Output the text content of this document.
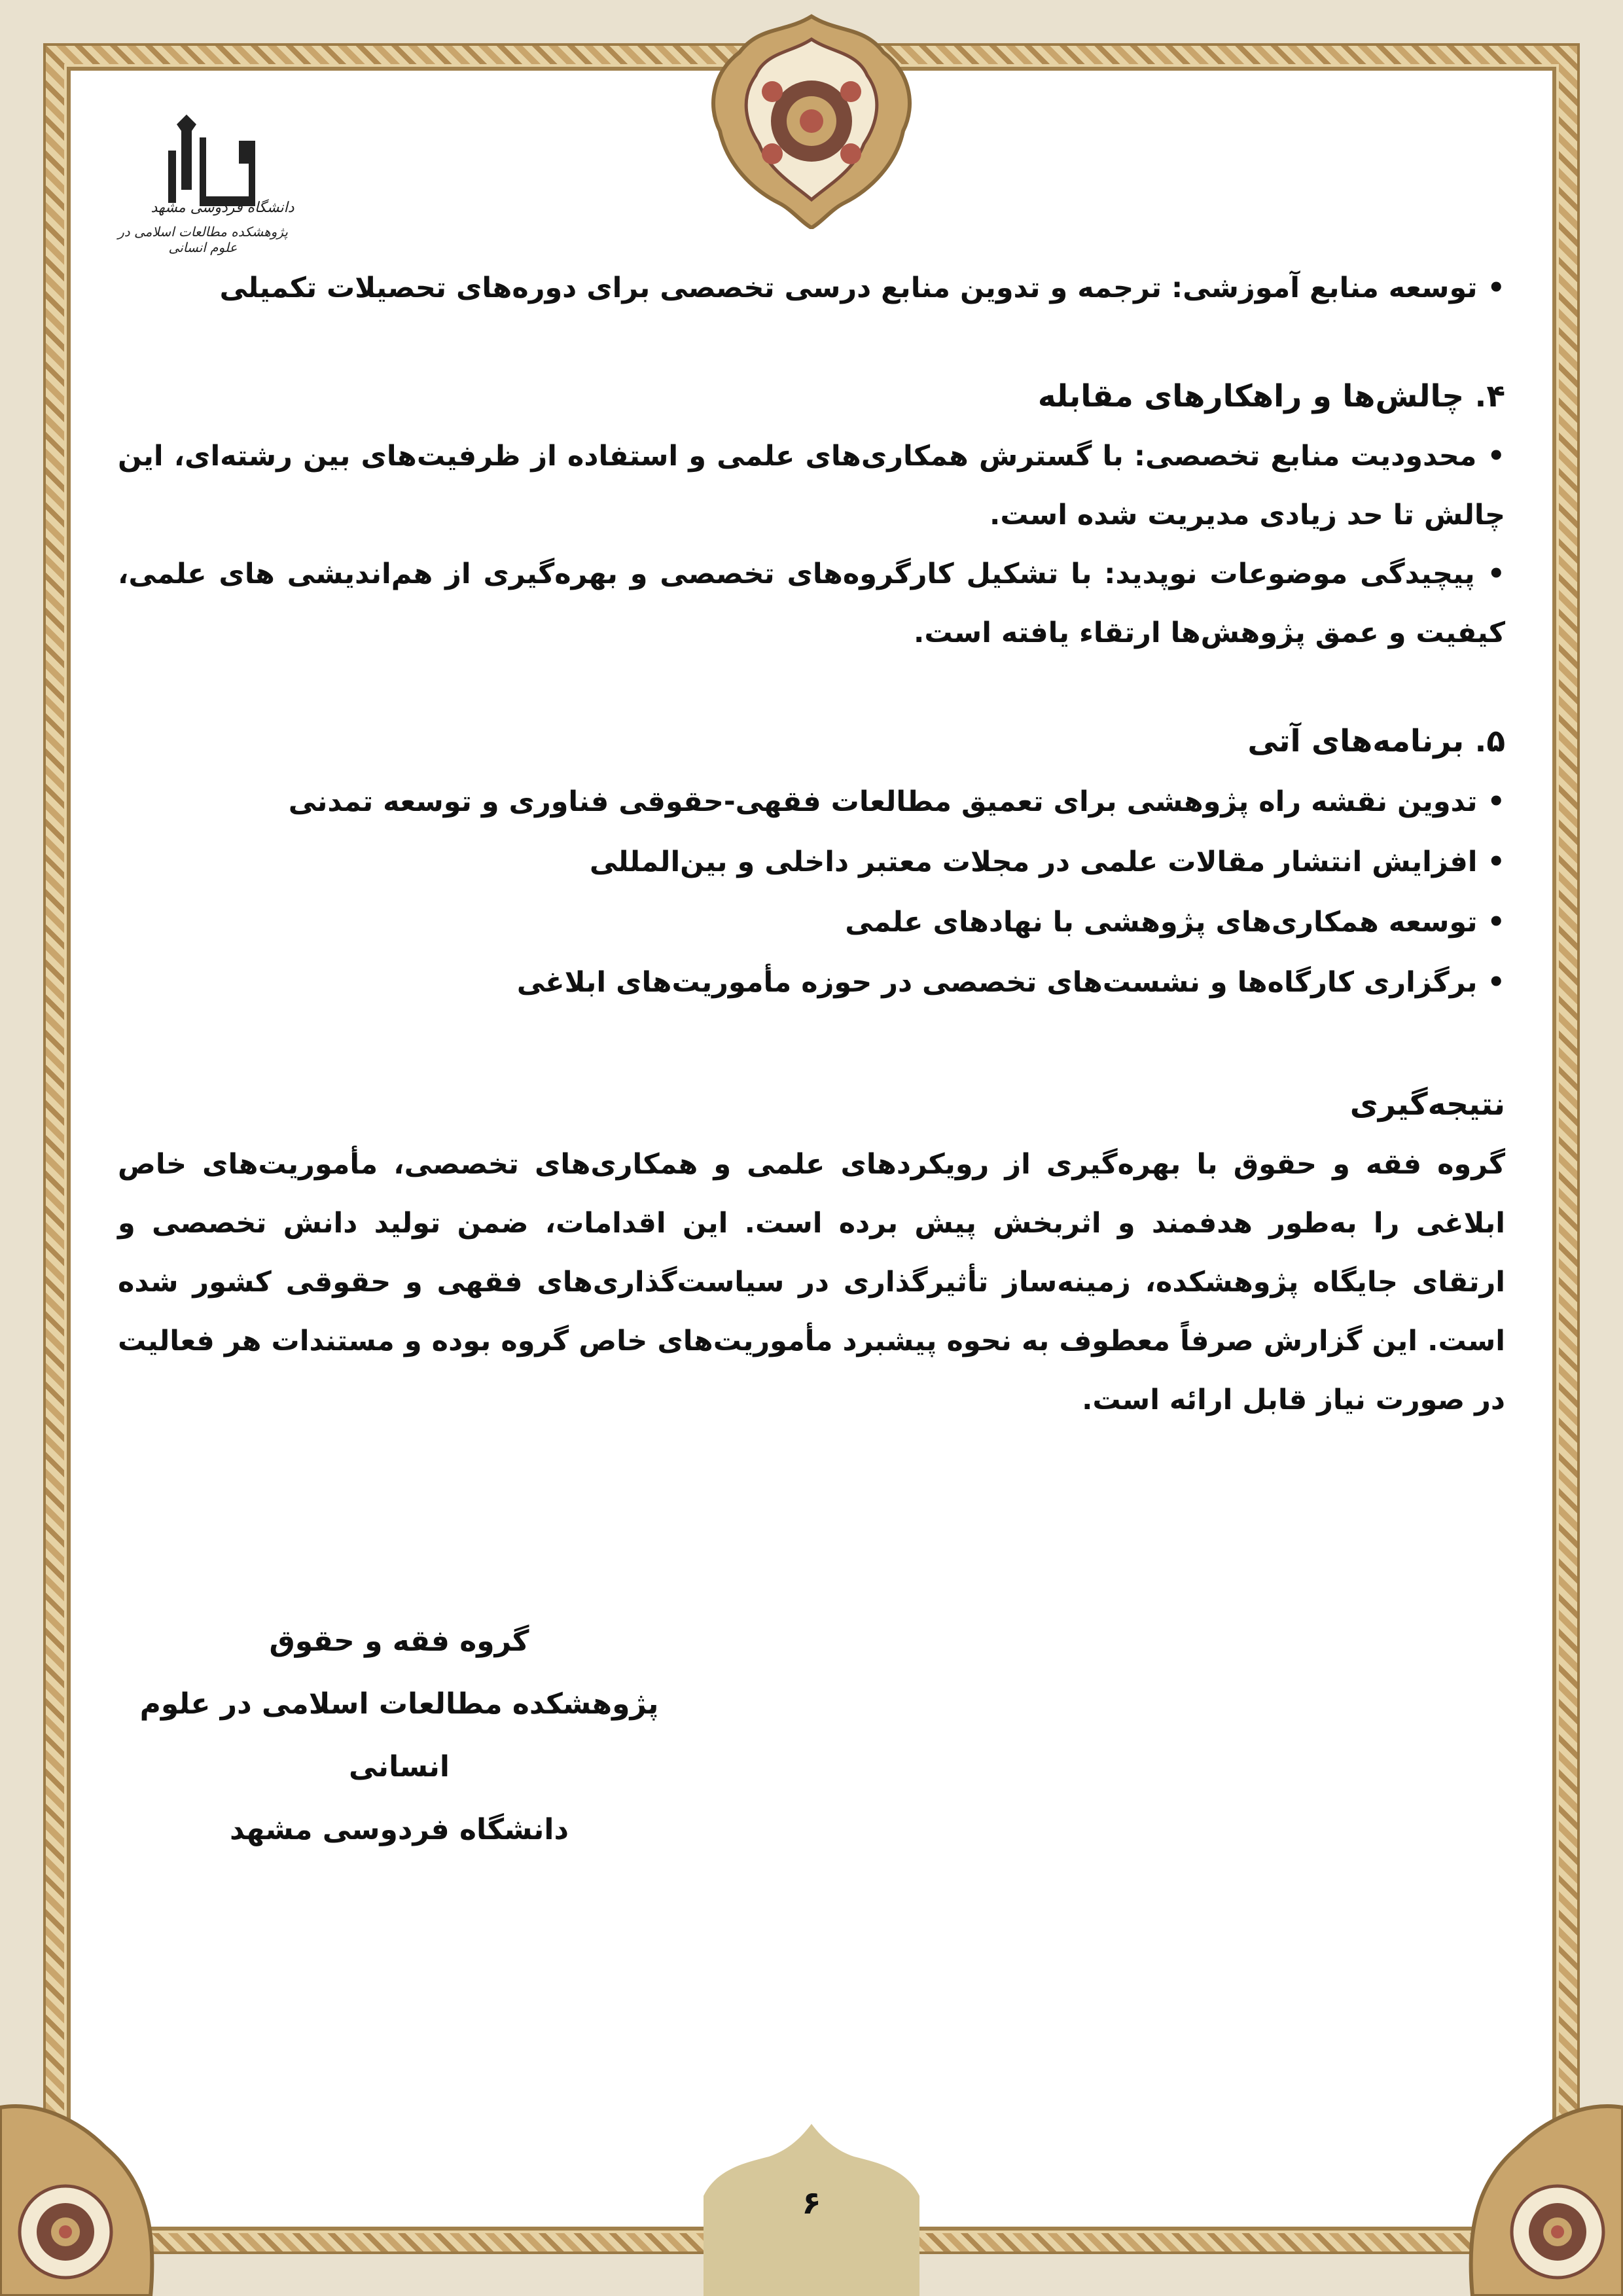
دانشگاه فردوسی مشهد
پژوهشکده مطالعات اسلامی در علوم انسانی

• توسعه منابع آموزشی: ترجمه و تدوین منابع درسی تخصصی برای دوره‌های تحصیلات تکمیلی

۴. چالش‌ها و راهکارهای مقابله

• محدودیت منابع تخصصی: با گسترش همکاری‌های علمی و استفاده از ظرفیت‌های بین رشته‌ای، این چالش تا حد زیادی مدیریت شده است.

• پیچیدگی موضوعات نوپدید: با تشکیل کارگروه‌های تخصصی و بهره‌گیری از هم‌اندیشی های علمی، کیفیت و عمق پژوهش‌ها ارتقاء یافته است.

۵. برنامه‌های آتی

• تدوین نقشه راه پژوهشی برای تعمیق مطالعات فقهی-حقوقی فناوری و توسعه تمدنی

• افزایش انتشار مقالات علمی در مجلات معتبر داخلی و بین‌المللی

• توسعه همکاری‌های پژوهشی با نهادهای علمی

• برگزاری کارگاه‌ها و نشست‌های تخصصی در حوزه مأموریت‌های ابلاغی

نتیجه‌گیری

گروه فقه و حقوق با بهره‌گیری از رویکردهای علمی و همکاری‌های تخصصی، مأموریت‌های خاص ابلاغی را به‌طور هدفمند و اثربخش پیش برده است. این اقدامات، ضمن تولید دانش تخصصی و ارتقای جایگاه پژوهشکده، زمینه‌ساز تأثیرگذاری در سیاست‌گذاری‌های فقهی و حقوقی کشور شده است. این گزارش صرفاً معطوف به نحوه پیشبرد مأموریت‌های خاص گروه بوده و مستندات هر فعالیت در صورت نیاز قابل ارائه است.

گروه فقه و حقوق
پژوهشکده مطالعات اسلامی در علوم انسانی
دانشگاه فردوسی مشهد
۶
